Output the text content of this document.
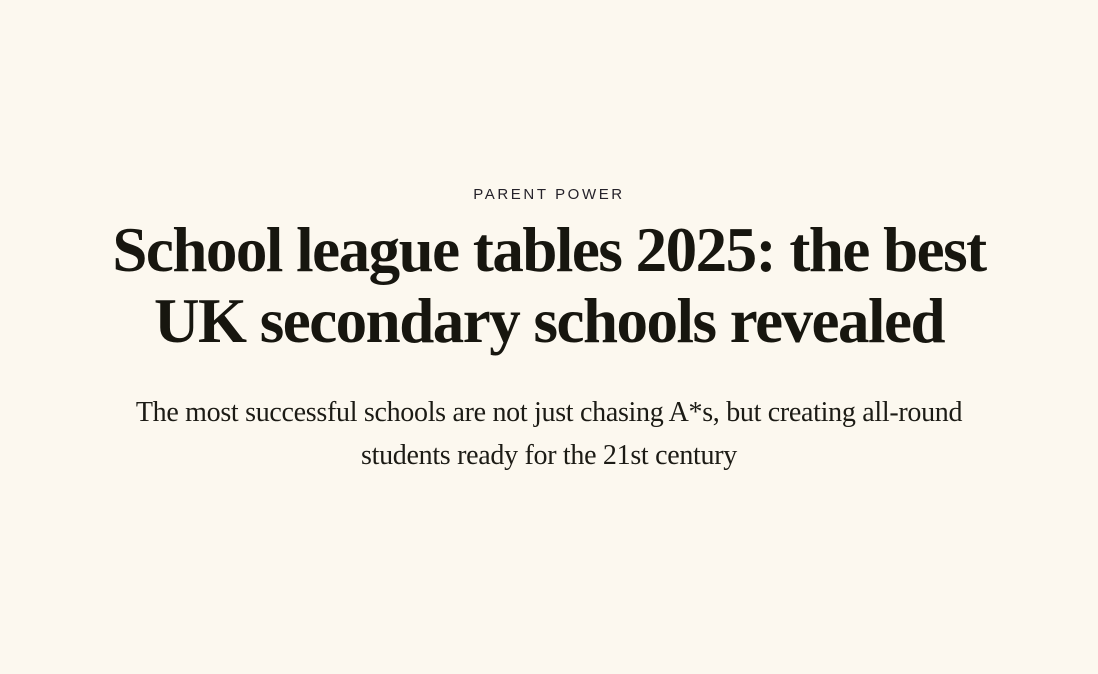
PARENT POWER

School league tables 2025: the best
UK secondary schools revealed

The most successful schools are not just chasing A*s, but creating all-round
students ready for the 21st century
